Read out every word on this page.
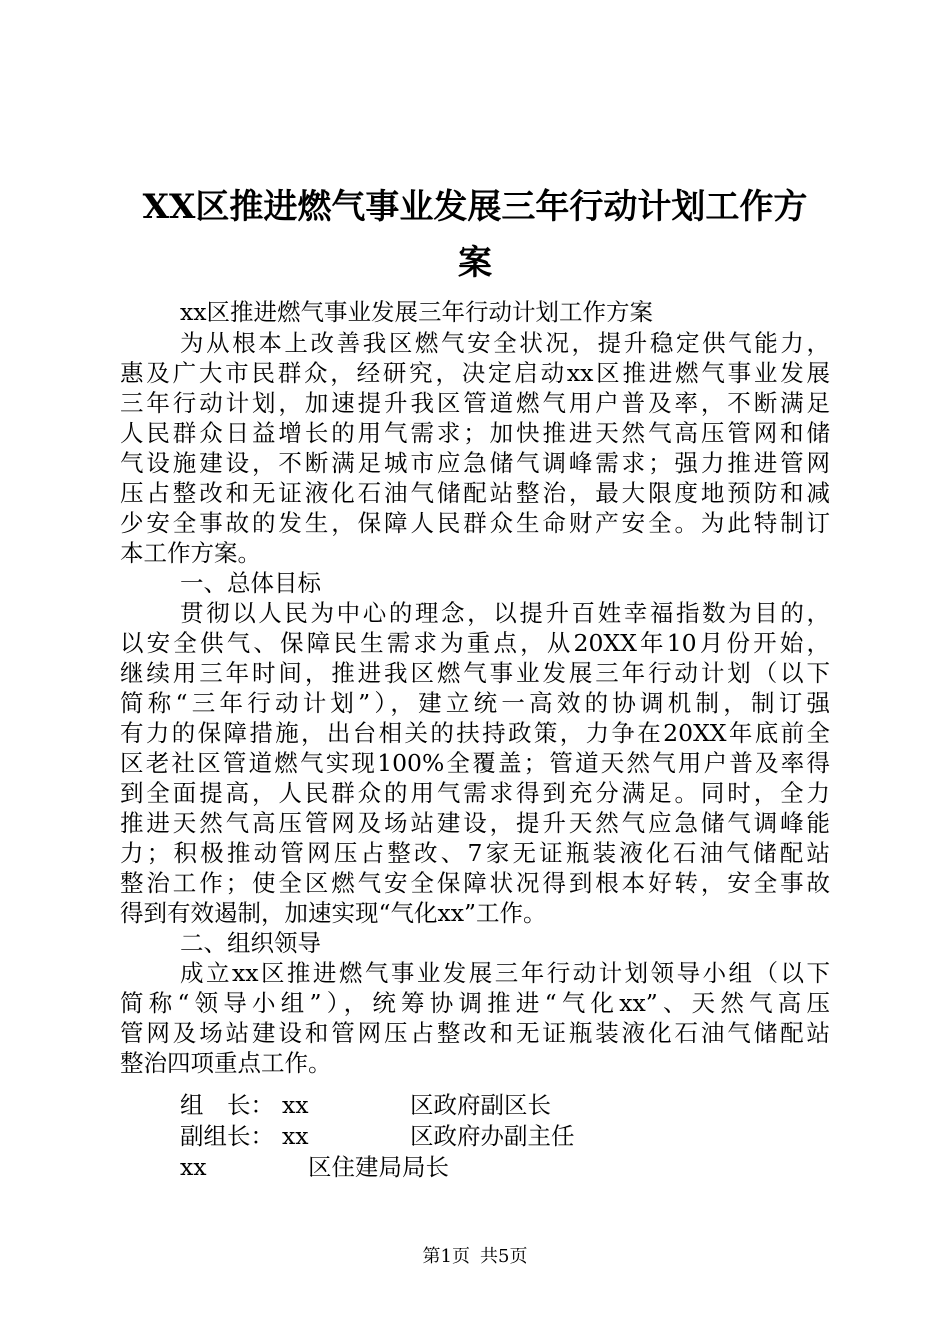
XX区推进燃气事业发展三年行动计划工作方
案
xx区推进燃气事业发展三年行动计划工作方案
为从根本上改善我区燃气安全状况，提升稳定供气能力，
惠及广大市民群众，经研究，决定启动xx区推进燃气事业发展
三年行动计划，加速提升我区管道燃气用户普及率，不断满足
人民群众日益增长的用气需求；加快推进天然气高压管网和储
气设施建设，不断满足城市应急储气调峰需求；强力推进管网
压占整改和无证液化石油气储配站整治，最大限度地预防和减
少安全事故的发生，保障人民群众生命财产安全。为此特制订
本工作方案。
一、总体目标
贯彻以人民为中心的理念，以提升百姓幸福指数为目的，
以安全供气、保障民生需求为重点，从20XX年10月份开始，
继续用三年时间，推进我区燃气事业发展三年行动计划（以下
简称“三年行动计划”），建立统一高效的协调机制，制订强
有力的保障措施，出台相关的扶持政策，力争在20XX年底前全
区老社区管道燃气实现100%全覆盖；管道天然气用户普及率得
到全面提高，人民群众的用气需求得到充分满足。同时，全力
推进天然气高压管网及场站建设，提升天然气应急储气调峰能
力；积极推动管网压占整改、7家无证瓶装液化石油气储配站
整治工作；使全区燃气安全保障状况得到根本好转，安全事故
得到有效遏制，加速实现“气化xx”工作。
二、组织领导
成立xx区推进燃气事业发展三年行动计划领导小组（以下
简称“领导小组”），统筹协调推进“气化xx”、天然气高压
管网及场站建设和管网压占整改和无证瓶装液化石油气储配站
整治四项重点工作。
组　长： xx	区政府副区长
副组长： xx	区政府办副主任
xx	区住建局局长
第1页 共5页
